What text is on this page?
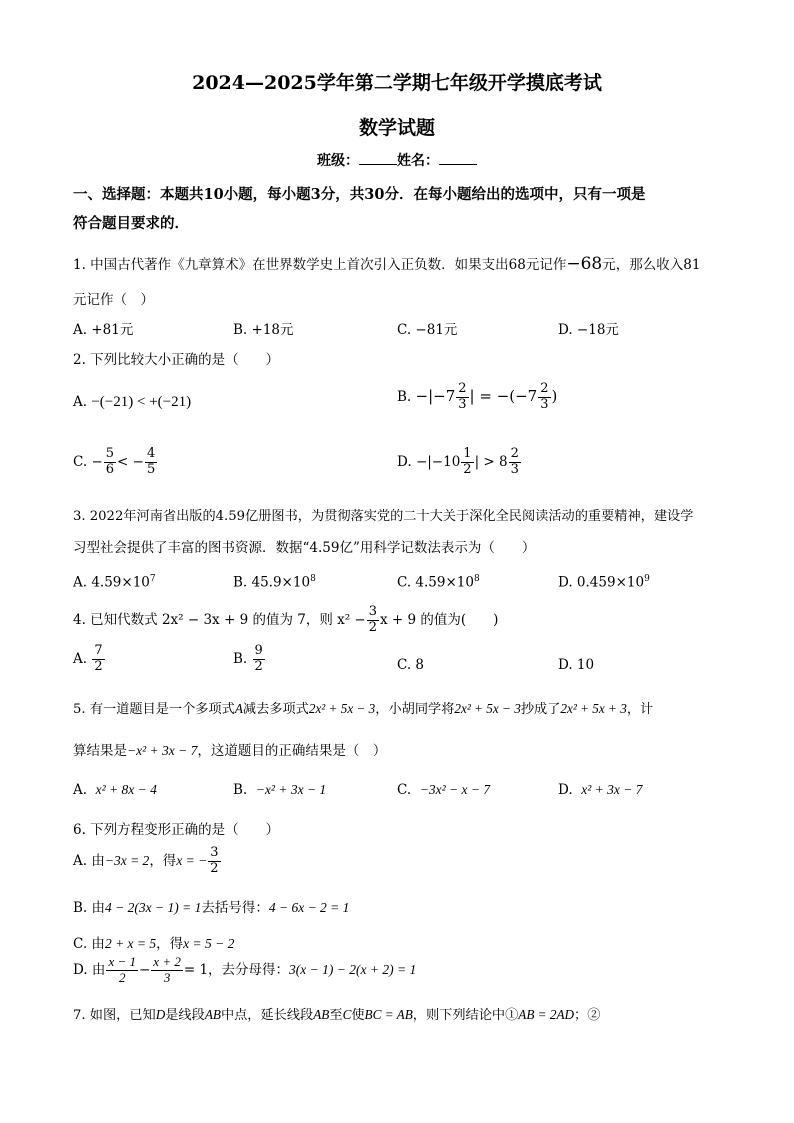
2024—2025学年第二学期七年级开学摸底考试
数学试题
班级：	姓名：
一、选择题：本题共10小题，每小题3分，共30分．在每小题给出的选项中，只有一项是
符合题目要求的．
1. 中国古代著作《九章算术》在世界数学史上首次引入正负数．如果支出68元记作−68元，那么收入81
元记作（　）
A. +81元	B. +18元	C. −81元	D. −18元
2. 下列比较大小正确的是（　　）
A. −(−21) < +(−21)	B. $-|-7 \frac{2}{3}$ | = $-(-7 \frac{2}{3}$ )
C. − $\frac{5}{6}$ < − $\frac{4}{5}$	D. $-|-10 \frac{1}{2}$ | > $8 \frac{2}{3}$
3. 2022年河南省出版的4.59亿册图书，为贯彻落实党的二十大关于深化全民阅读活动的重要精神，建设学
习型社会提供了丰富的图书资源．数据“4.59亿”用科学记数法表示为（　　）
A. $4.59\times 10^7$	B. $45.9\times 10^8$	C. $4.59\times 10^8$	D. $0.459\times 10^9$
4. 已知代数式 2x² − 3x + 9 的值为 7，则 $x^2 - \frac{3}{2}$ x + 9 的值为(　　)
A. $\frac{7}{2}$	B. $\frac{9}{2}$	C. 8	D. 10
5. 有一道题目是一个多项式A减去多项式2x² + 5x − 3，小胡同学将2x² + 5x − 3抄成了2x² + 5x + 3，计
算结果是−x² + 3x − 7，这道题目的正确结果是（　）
A. x² + 8x − 4	B. −x² + 3x − 1	C. −3x² − x − 7	D. x² + 3x − 7
6. 下列方程变形正确的是（　　）
A. 由−3x = 2，得x = − $\frac{3}{2}$
B. 由4 − 2(3x − 1) = 1去括号得：4 − 6x − 2 = 1
C. 由2 + x = 5，得x = 5 − 2
D. 由 $\frac{x - 1}{2} - \frac{x + 2}{3} = 1$，去分母得：3(x − 1) − 2(x + 2) = 1
7. 如图，已知D是线段AB中点，延长线段AB至C使BC = AB，则下列结论中①AB = 2AD；②
